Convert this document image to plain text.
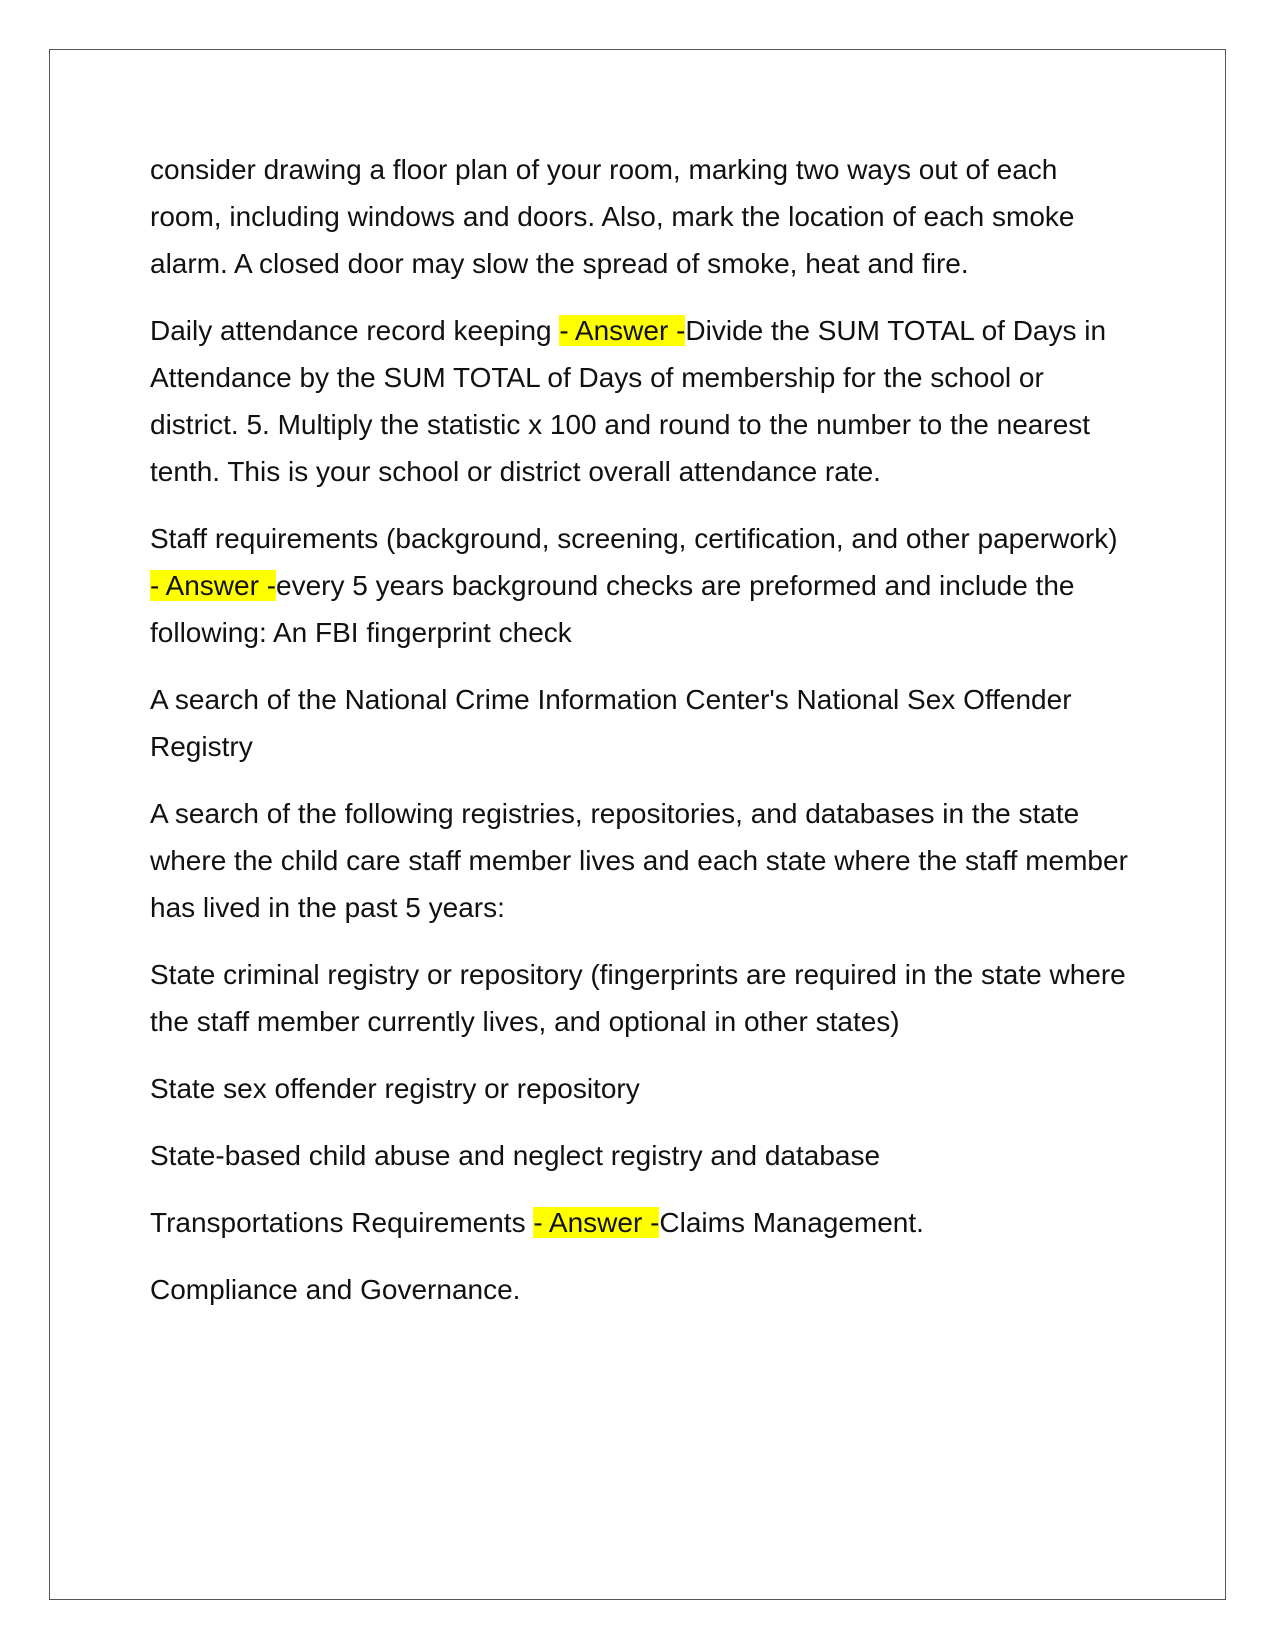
consider drawing a floor plan of your room, marking two ways out of each room, including windows and doors. Also, mark the location of each smoke alarm. A closed door may slow the spread of smoke, heat and fire.

Daily attendance record keeping - Answer -Divide the SUM TOTAL of Days in Attendance by the SUM TOTAL of Days of membership for the school or district. 5. Multiply the statistic x 100 and round to the number to the nearest tenth. This is your school or district overall attendance rate.

Staff requirements (background, screening, certification, and other paperwork) - Answer -every 5 years background checks are preformed and include the following: An FBI fingerprint check

A search of the National Crime Information Center's National Sex Offender Registry

A search of the following registries, repositories, and databases in the state where the child care staff member lives and each state where the staff member has lived in the past 5 years:

State criminal registry or repository (fingerprints are required in the state where the staff member currently lives, and optional in other states)

State sex offender registry or repository

State-based child abuse and neglect registry and database

Transportations Requirements - Answer -Claims Management.

Compliance and Governance.
